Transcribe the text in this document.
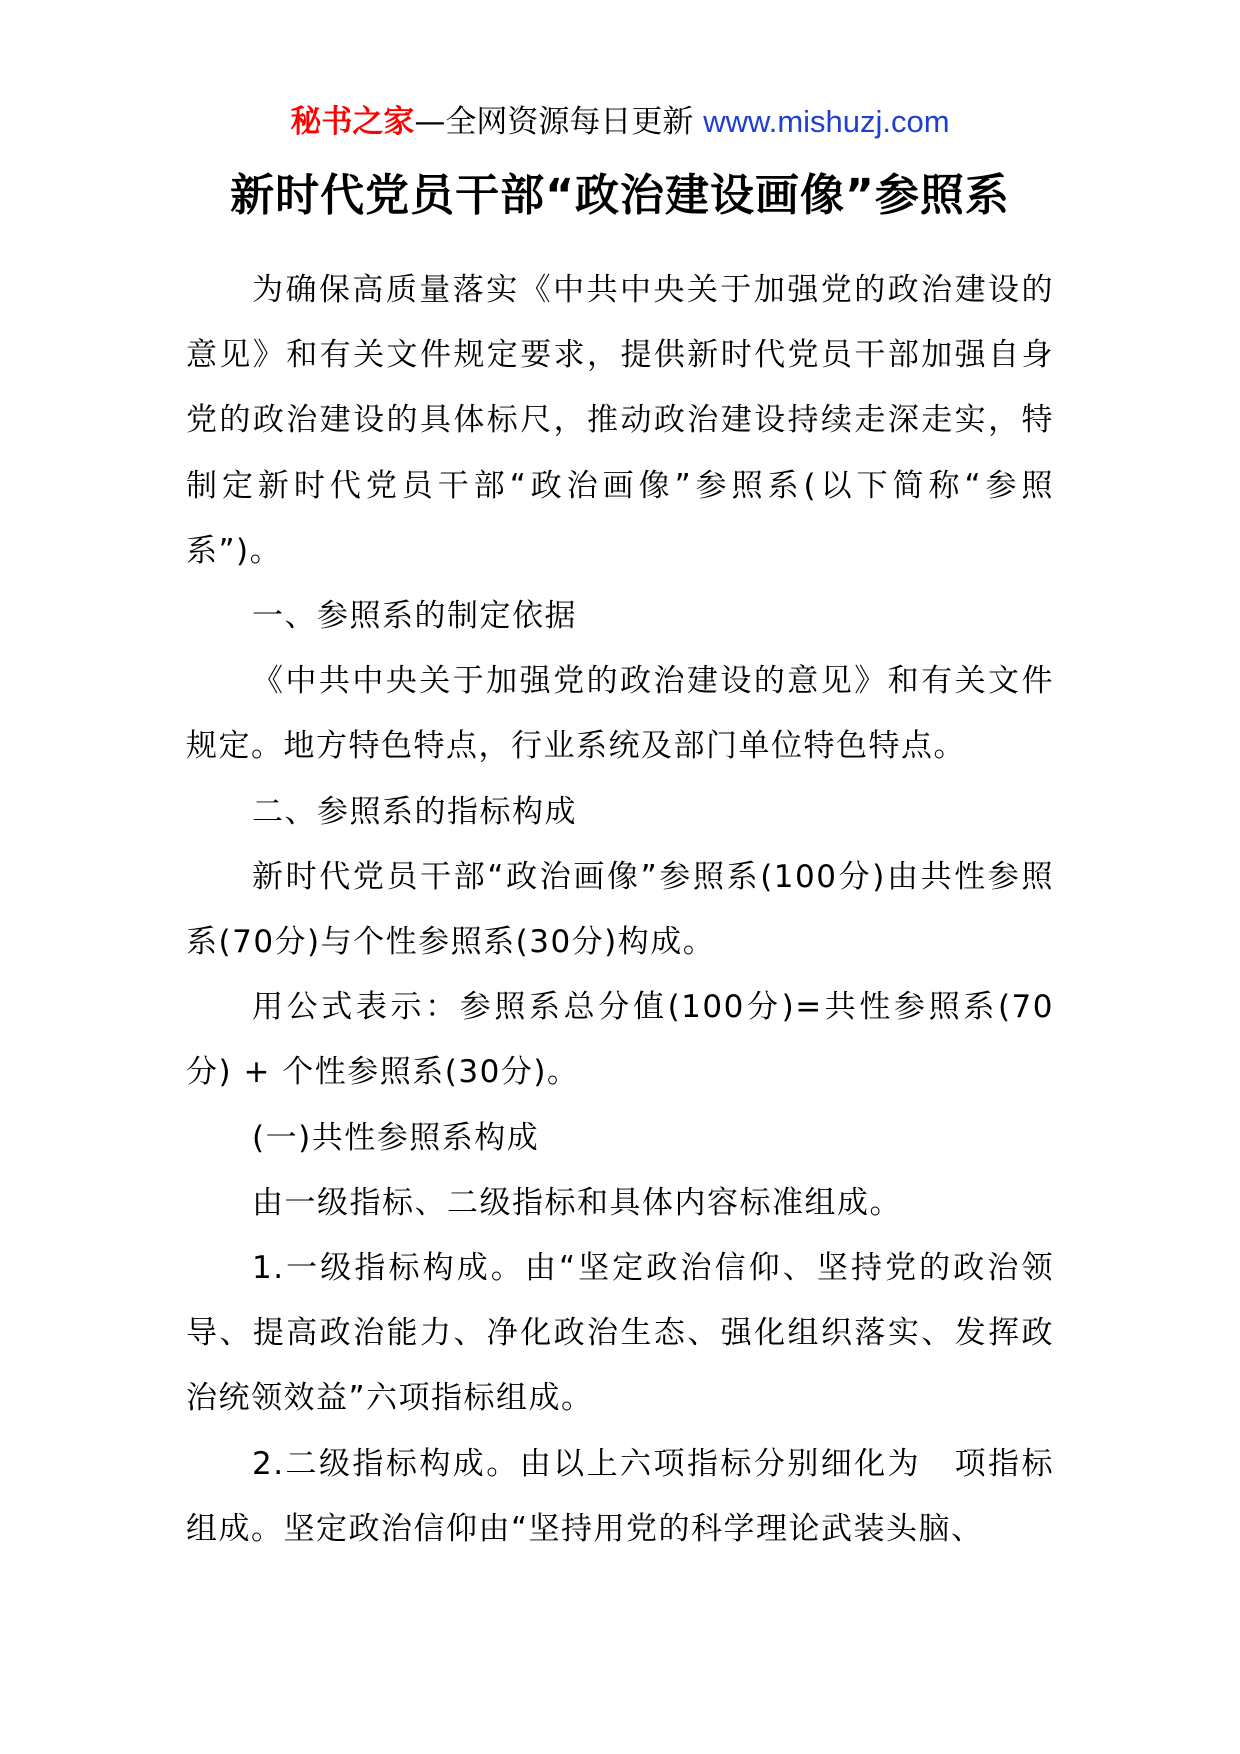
秘书之家—全网资源每日更新 www.mishuzj.com
新时代党员干部“政治建设画像”参照系

为确保高质量落实《中共中央关于加强党的政治建设的意见》和有关文件规定要求，提供新时代党员干部加强自身党的政治建设的具体标尺，推动政治建设持续走深走实，特制定新时代党员干部“政治画像”参照系(以下简称“参照系”)。

一、参照系的制定依据

《中共中央关于加强党的政治建设的意见》和有关文件规定。地方特色特点，行业系统及部门单位特色特点。

二、参照系的指标构成

新时代党员干部“政治画像”参照系(100分)由共性参照系(70分)与个性参照系(30分)构成。

用公式表示：参照系总分值(100分)=共性参照系(70分) + 个性参照系(30分)。

(一)共性参照系构成

由一级指标、二级指标和具体内容标准组成。

1.一级指标构成。由“坚定政治信仰、坚持党的政治领导、提高政治能力、净化政治生态、强化组织落实、发挥政治统领效益”六项指标组成。

2.二级指标构成。由以上六项指标分别细化为　项指标组成。坚定政治信仰由“坚持用党的科学理论武装头脑、
